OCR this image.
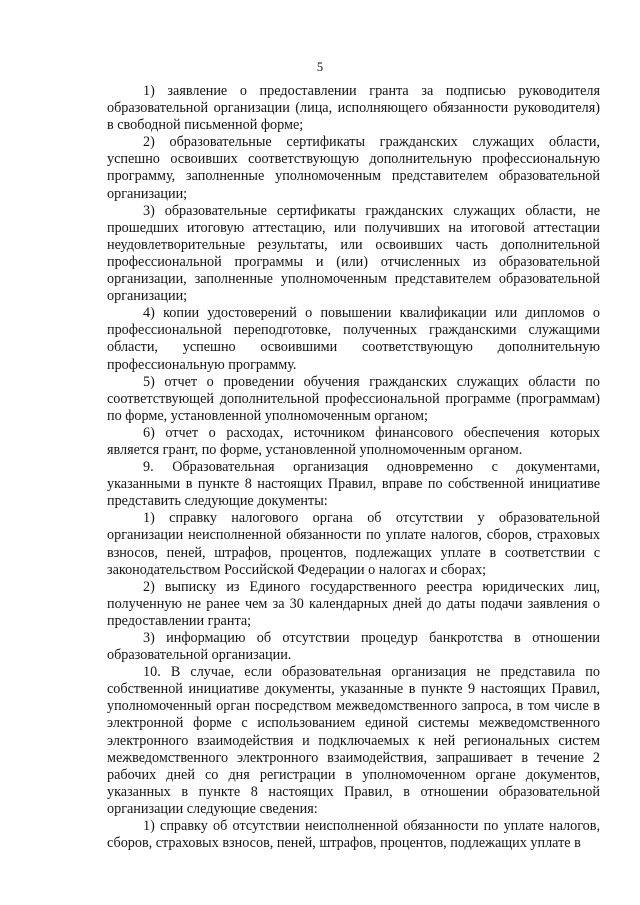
5

1) заявление о предоставлении гранта за подписью руководителя образовательной организации (лица, исполняющего обязанности руководителя) в свободной письменной форме;

2) образовательные сертификаты гражданских служащих области, успешно освоивших соответствующую дополнительную профессиональную программу, заполненные уполномоченным представителем образовательной организации;

3) образовательные сертификаты гражданских служащих области, не прошедших итоговую аттестацию, или получивших на итоговой аттестации неудовлетворительные результаты, или освоивших часть дополнительной профессиональной программы и (или) отчисленных из образовательной организации, заполненные уполномоченным представителем образовательной организации;

4) копии удостоверений о повышении квалификации или дипломов о профессиональной переподготовке, полученных гражданскими служащими области, успешно освоившими соответствующую дополнительную профессиональную программу.

5) отчет о проведении обучения гражданских служащих области по соответствующей дополнительной профессиональной программе (программам) по форме, установленной уполномоченным органом;

6) отчет о расходах, источником финансового обеспечения которых является грант, по форме, установленной уполномоченным органом.

9. Образовательная организация одновременно с документами, указанными в пункте 8 настоящих Правил, вправе по собственной инициативе представить следующие документы:

1) справку налогового органа об отсутствии у образовательной организации неисполненной обязанности по уплате налогов, сборов, страховых взносов, пеней, штрафов, процентов, подлежащих уплате в соответствии с законодательством Российской Федерации о налогах и сборах;

2) выписку из Единого государственного реестра юридических лиц, полученную не ранее чем за 30 календарных дней до даты подачи заявления о предоставлении гранта;

3) информацию об отсутствии процедур банкротства в отношении образовательной организации.

10. В случае, если образовательная организация не представила по собственной инициативе документы, указанные в пункте 9 настоящих Правил, уполномоченный орган посредством межведомственного запроса, в том числе в электронной форме с использованием единой системы межведомственного электронного взаимодействия и подключаемых к ней региональных систем межведомственного электронного взаимодействия, запрашивает в течение 2 рабочих дней со дня регистрации в уполномоченном органе документов, указанных в пункте 8 настоящих Правил, в отношении образовательной организации следующие сведения:

1) справку об отсутствии неисполненной обязанности по уплате налогов, сборов, страховых взносов, пеней, штрафов, процентов, подлежащих уплате в
